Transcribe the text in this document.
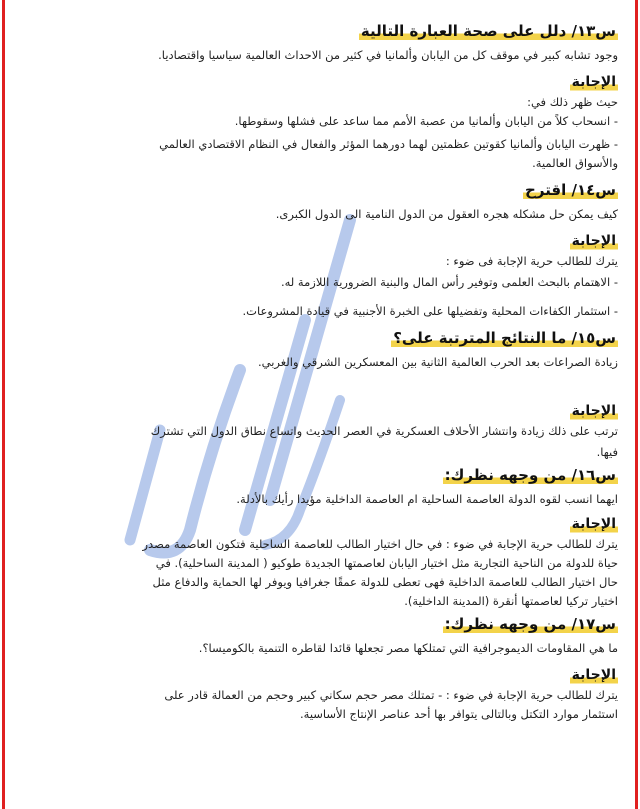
س١٣/ دلل على صحة العبارة التالية

وجود تشابه كبير في موقف كل من اليابان وألمانيا في كثير من الاحداث العالمية سياسيا واقتصاديا.

الإجابة

حيث ظهر ذلك في:

- انسحاب كلاً من اليابان وألمانيا من عصبة الأمم مما ساعد على فشلها وسقوطها.

- ظهرت اليابان وألمانيا كقوتين عظمتين لهما دورهما المؤثر والفعال في النظام الاقتصادي العالمي

والأسواق العالمية.

س١٤/ اقترح

كيف يمكن حل مشكله هجره العقول من الدول النامية الى الدول الكبرى.

الإجابة

يترك للطالب حرية الإجابة فى ضوء :

- الاهتمام بالبحث العلمى وتوفير رأس المال والبنية الضرورية اللازمة له.

- استثمار الكفاءات المحلية وتفضيلها على الخبرة الأجنبية في قيادة المشروعات.

س١٥/ ما النتائج المترتبة على؟

زيادة الصراعات بعد الحرب العالمية الثانية بين المعسكرين الشرقي والغربي.

الإجابة

ترتب على ذلك زيادة وانتشار الأحلاف العسكرية في العصر الحديث واتساع نطاق الدول التي تشترك

فيها.

س١٦/ من وجهه نظرك:

ايهما انسب لقوه الدولة العاصمة الساحلية ام العاصمة الداخلية مؤيدا رأيك بالأدلة.

الإجابة

يترك للطالب حرية الإجابة في ضوء : في حال اختيار الطالب للعاصمة الساحلية فتكون العاصمة مصدر

حياة للدولة من الناحية التجارية مثل اختيار اليابان لعاصمتها الجديدة طوكيو ( المدينة الساحلية). في

حال اختيار الطالب للعاصمة الداخلية فهى تعطى للدولة عمقًا جغرافيا ويوفر لها الحماية والدفاع مثل

اختيار تركيا لعاصمتها أنقرة (المدينة الداخلية).

س١٧/ من وجهه نظرك:

ما هي المقاومات الديموجرافية التي تمتلكها مصر تجعلها قائدا لقاطره التنمية بالكوميسا؟.

الإجابة

يترك للطالب حرية الإجابة في ضوء : - تمتلك مصر حجم سكاني كبير وحجم من العمالة قادر على

استثمار موارد التكتل وبالتالى يتوافر بها أحد عناصر الإنتاج الأساسية.
